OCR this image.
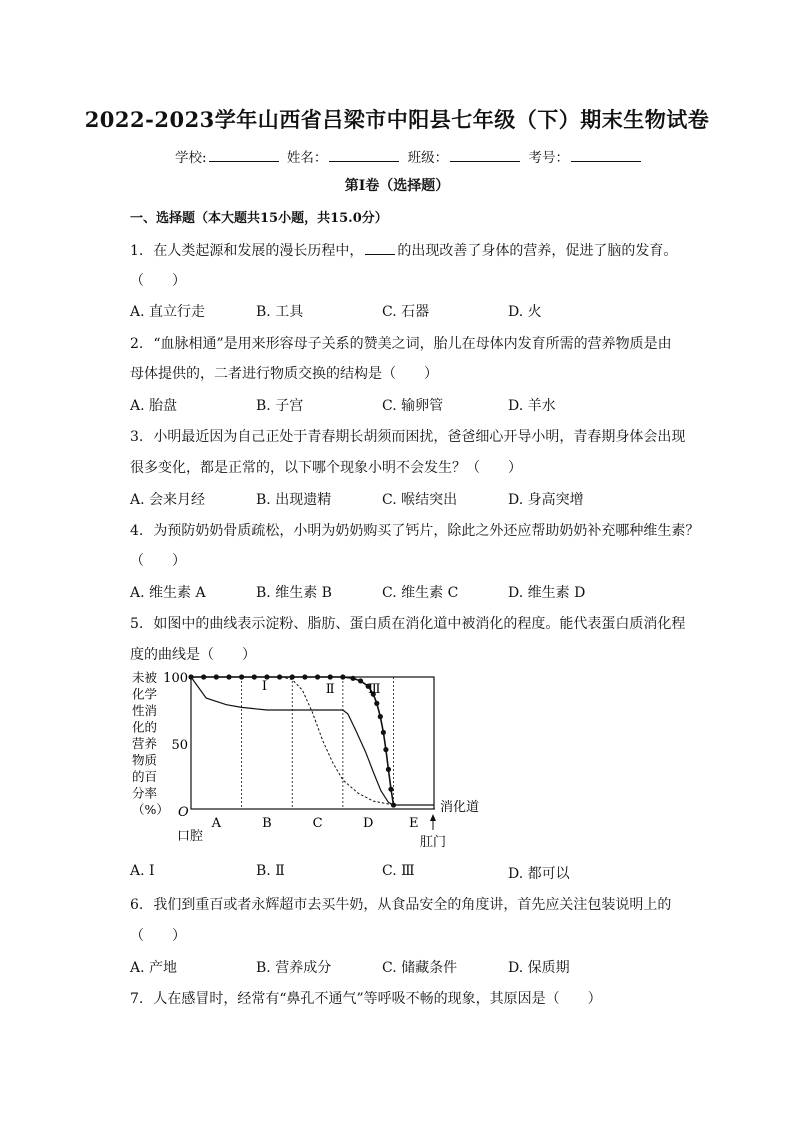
2022-2023学年山西省吕梁市中阳县七年级（下）期末生物试卷
学校:	姓名：	班级：	考号：
第Ⅰ卷（选择题）
一、选择题（本大题共15小题，共15.0分）
1. 在人类起源和发展的漫长历程中， 的出现改善了身体的营养，促进了脑的发育。
（　　）
A. 直立行走	B. 工具	C. 石器	D. 火
2. “血脉相通”是用来形容母子关系的赞美之词，胎儿在母体内发育所需的营养物质是由
母体提供的，二者进行物质交换的结构是（　　）
A. 胎盘	B. 子宫	C. 输卵管	D. 羊水
3. 小明最近因为自己正处于青春期长胡须而困扰，爸爸细心开导小明，青春期身体会出现
很多变化，都是正常的，以下哪个现象小明不会发生？（　　）
A. 会来月经	B. 出现遗精	C. 喉结突出	D. 身高突增
4. 为预防奶奶骨质疏松，小明为奶奶购买了钙片，除此之外还应帮助奶奶补充哪种维生素？
（　　）
A. 维生素 A	B. 维生素 B	C. 维生素 C	D. 维生素 D
5. 如图中的曲线表示淀粉、脂肪、蛋白质在消化道中被消化的程度。能代表蛋白质消化程
度的曲线是（　　）
未被
化学
性消
化的
营养
物质
的百
分率
（%）
100
50
O
A	B	C	D	E
Ⅰ	Ⅱ	Ⅲ
消化道
口腔	肛门
A. Ⅰ	B. Ⅱ	C. Ⅲ	D. 都可以
6. 我们到重百或者永辉超市去买牛奶，从食品安全的角度讲，首先应关注包装说明上的
（　　）
A. 产地	B. 营养成分	C. 储藏条件	D. 保质期
7. 人在感冒时，经常有“鼻孔不通气”等呼吸不畅的现象，其原因是（　　）
